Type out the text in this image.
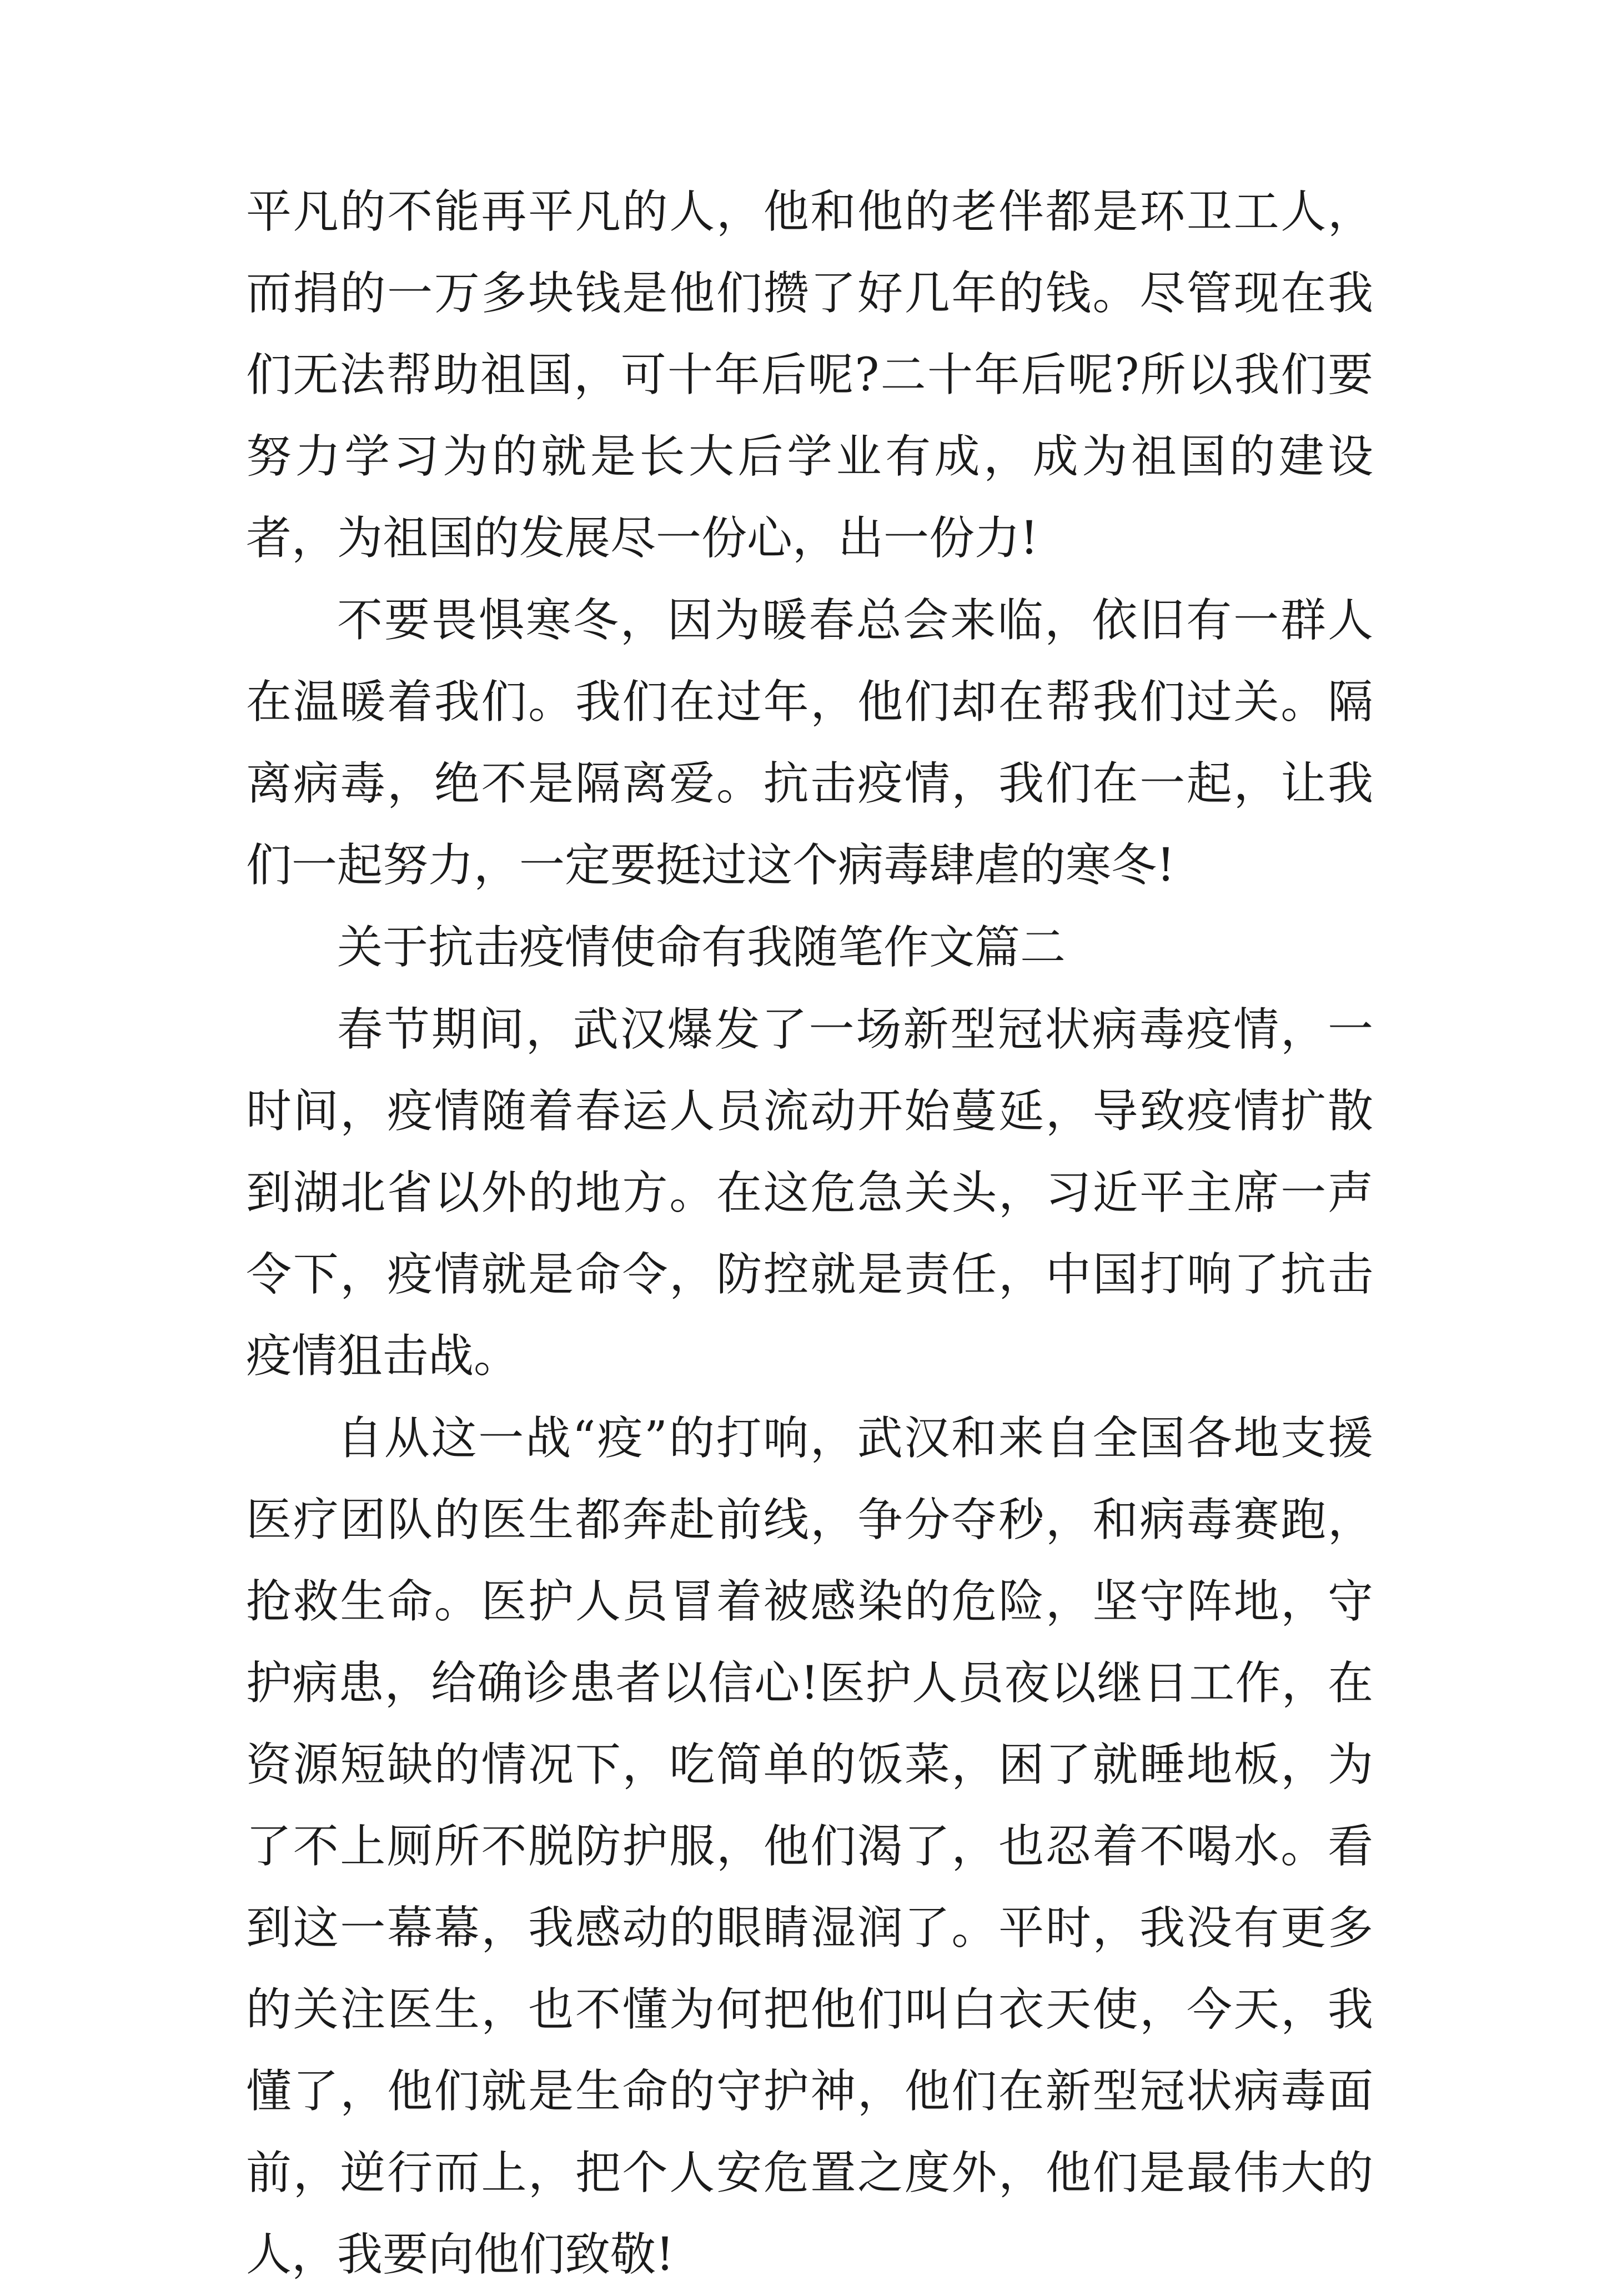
平凡的不能再平凡的人，他和他的老伴都是环卫工人，而捐的一万多块钱是他们攒了好几年的钱。尽管现在我们无法帮助祖国，可十年后呢?二十年后呢?所以我们要努力学习为的就是长大后学业有成，成为祖国的建设者，为祖国的发展尽一份心，出一份力!

不要畏惧寒冬，因为暖春总会来临，依旧有一群人在温暖着我们。我们在过年，他们却在帮我们过关。隔离病毒，绝不是隔离爱。抗击疫情，我们在一起，让我们一起努力，一定要挺过这个病毒肆虐的寒冬!

关于抗击疫情使命有我随笔作文篇二

春节期间，武汉爆发了一场新型冠状病毒疫情，一时间，疫情随着春运人员流动开始蔓延，导致疫情扩散到湖北省以外的地方。在这危急关头，习近平主席一声令下，疫情就是命令，防控就是责任，中国打响了抗击疫情狙击战。

自从这一战“疫”的打响，武汉和来自全国各地支援医疗团队的医生都奔赴前线，争分夺秒，和病毒赛跑，抢救生命。医护人员冒着被感染的危险，坚守阵地，守护病患，给确诊患者以信心!医护人员夜以继日工作，在资源短缺的情况下，吃简单的饭菜，困了就睡地板，为了不上厕所不脱防护服，他们渴了，也忍着不喝水。看到这一幕幕，我感动的眼睛湿润了。平时，我没有更多的关注医生，也不懂为何把他们叫白衣天使，今天，我懂了，他们就是生命的守护神，他们在新型冠状病毒面前，逆行而上，把个人安危置之度外，他们是最伟大的人，我要向他们致敬!
